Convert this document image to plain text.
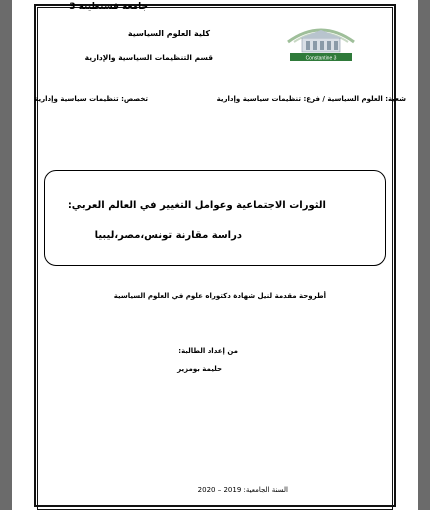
جامعة قسنطينة 3
كلية العلوم السياسية
قسم التنظيمات السياسية والإدارية	Constantine 3
شعبة: العلوم السياسية / فرع: تنظيمات سياسية وإدارية
تخصص: تنظيمات سياسية وإدارية
الثورات الاجتماعية وعوامل التغيير في العالم العربي:
دراسة مقارنة تونس،مصر،ليبيا
أطروحة مقدمة لنيل شهادة دكتوراه علوم في العلوم السياسية
من إعداد الطالبة:
حليمة بومزير
السنة الجامعية: 2019 – 2020
